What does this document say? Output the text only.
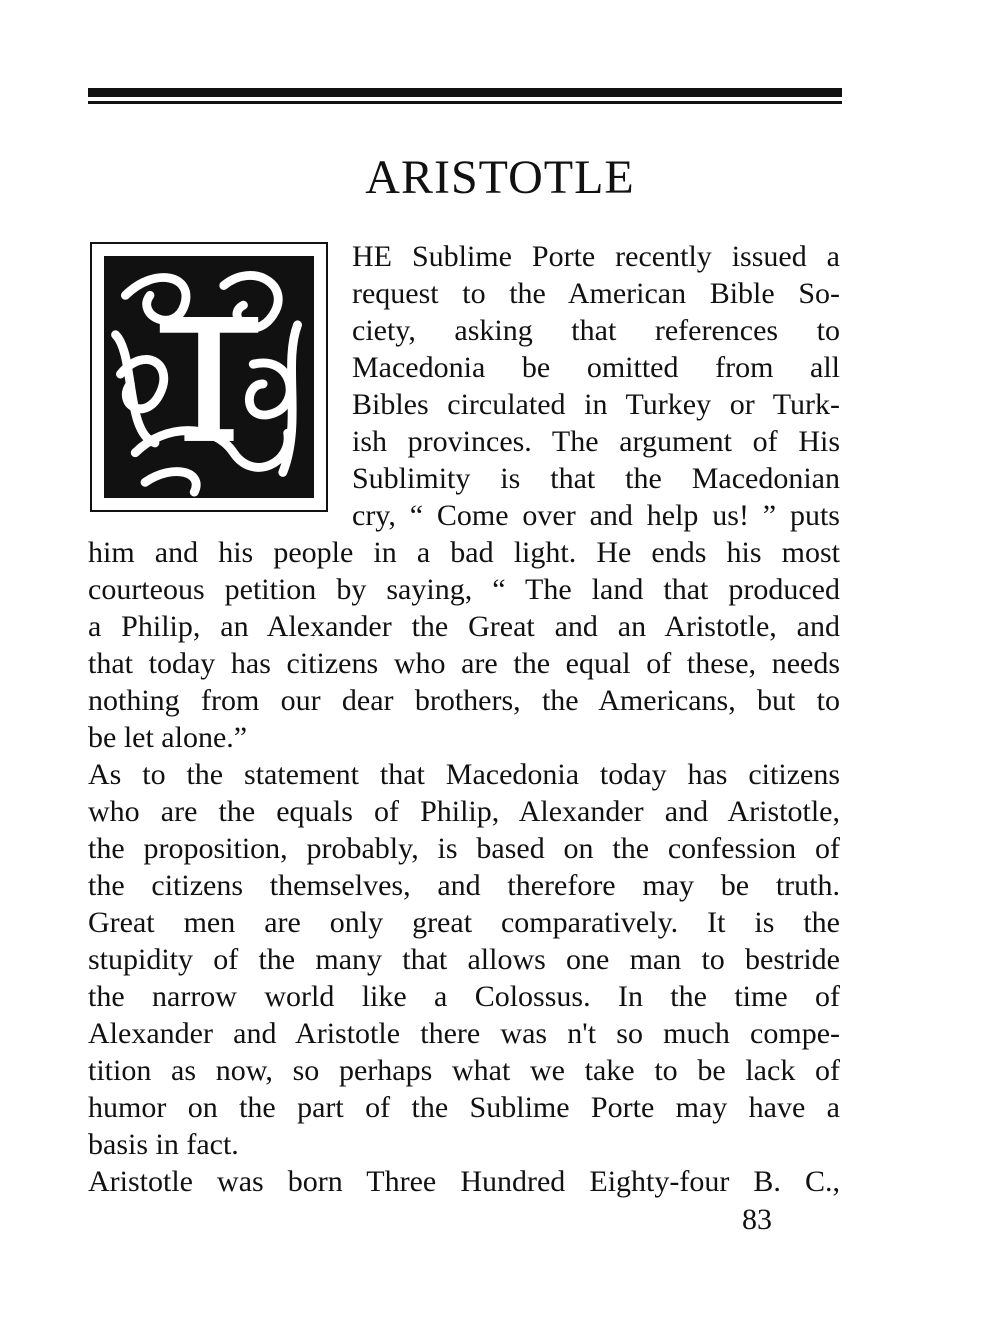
ARISTOTLE
HE Sublime Porte recently issued a
request to the American Bible So-
ciety, asking that references to
Macedonia be omitted from all
Bibles circulated in Turkey or Turk-
ish provinces. The argument of His
Sublimity is that the Macedonian
cry, “ Come over and help us! ” puts
him and his people in a bad light. He ends his most
courteous petition by saying, “ The land that produced
a Philip, an Alexander the Great and an Aristotle, and
that today has citizens who are the equal of these, needs
nothing from our dear brothers, the Americans, but to
be let alone.”
As to the statement that Macedonia today has citizens
who are the equals of Philip, Alexander and Aristotle,
the proposition, probably, is based on the confession of
the citizens themselves, and therefore may be truth.
Great men are only great comparatively. It is the
stupidity of the many that allows one man to bestride
the narrow world like a Colossus. In the time of
Alexander and Aristotle there was n't so much compe-
tition as now, so perhaps what we take to be lack of
humor on the part of the Sublime Porte may have a
basis in fact.
Aristotle was born Three Hundred Eighty-four B. C.,
83
